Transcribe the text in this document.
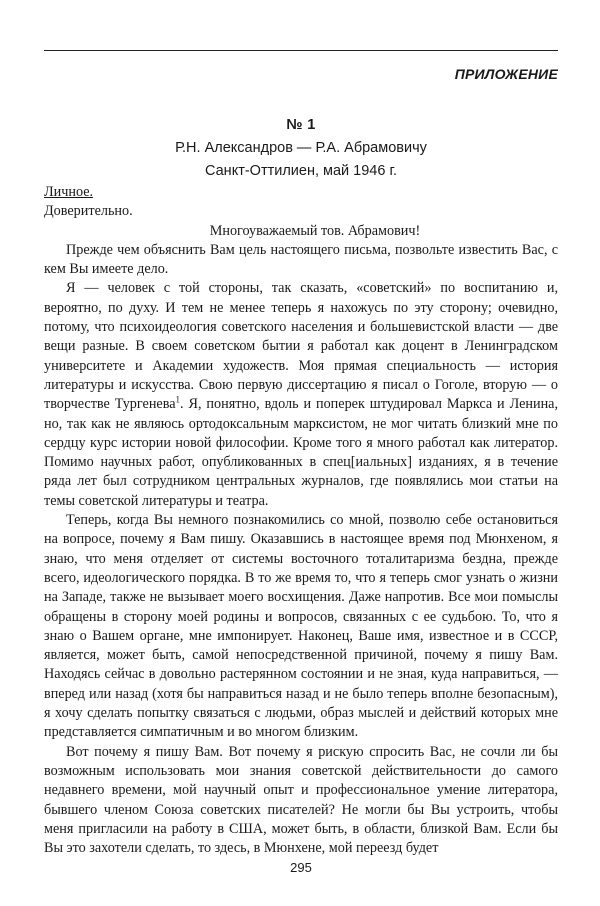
ПРИЛОЖЕНИЕ
№ 1
Р.Н. Александров — Р.А. Абрамовичу
Санкт-Оттилиен, май 1946 г.

Личное.

Доверительно.

Многоуважаемый тов. Абрамович!

Прежде чем объяснить Вам цель настоящего письма, позвольте известить Вас, с кем Вы имеете дело.

Я — человек с той стороны, так сказать, «советский» по воспитанию и, вероятно, по духу. И тем не менее теперь я нахожусь по эту сторону; очевидно, потому, что психоидеология советского населения и большевистской власти — две вещи разные. В своем советском бытии я работал как доцент в Ленинградском университете и Академии художеств. Моя прямая специальность — история литературы и искусства. Свою первую диссертацию я писал о Гоголе, вторую — о творчестве Тургенева$^1$. Я, понятно, вдоль и поперек штудировал Маркса и Ленина, но, так как не являюсь ортодоксальным марксистом, не мог читать близкий мне по сердцу курс истории новой философии. Кроме того я много работал как литератор. Помимо научных работ, опубликованных в спец[иальных] изданиях, я в течение ряда лет был сотрудником центральных журналов, где появлялись мои статьи на темы советской литературы и театра.

Теперь, когда Вы немного познакомились со мной, позволю себе остановиться на вопросе, почему я Вам пишу. Оказавшись в настоящее время под Мюнхеном, я знаю, что меня отделяет от системы восточного тоталитаризма бездна, прежде всего, идеологического порядка. В то же время то, что я теперь смог узнать о жизни на Западе, также не вызывает моего восхищения. Даже напротив. Все мои помыслы обращены в сторону моей родины и вопросов, связанных с ее судьбою. То, что я знаю о Вашем органе, мне импонирует. Наконец, Ваше имя, известное и в СССР, является, может быть, самой непосредственной причиной, почему я пишу Вам. Находясь сейчас в довольно растерянном состоянии и не зная, куда направиться, — вперед или назад (хотя бы направиться назад и не было теперь вполне безопасным), я хочу сделать попытку связаться с людьми, образ мыслей и действий которых мне представляется симпатичным и во многом близким.

Вот почему я пишу Вам. Вот почему я рискую спросить Вас, не сочли ли бы возможным использовать мои знания советской действительности до самого недавнего времени, мой научный опыт и профессиональное умение литератора, бывшего членом Союза советских писателей? Не могли бы Вы устроить, чтобы меня пригласили на работу в США, может быть, в области, близкой Вам. Если бы Вы это захотели сделать, то здесь, в Мюнхене, мой переезд будет

295
